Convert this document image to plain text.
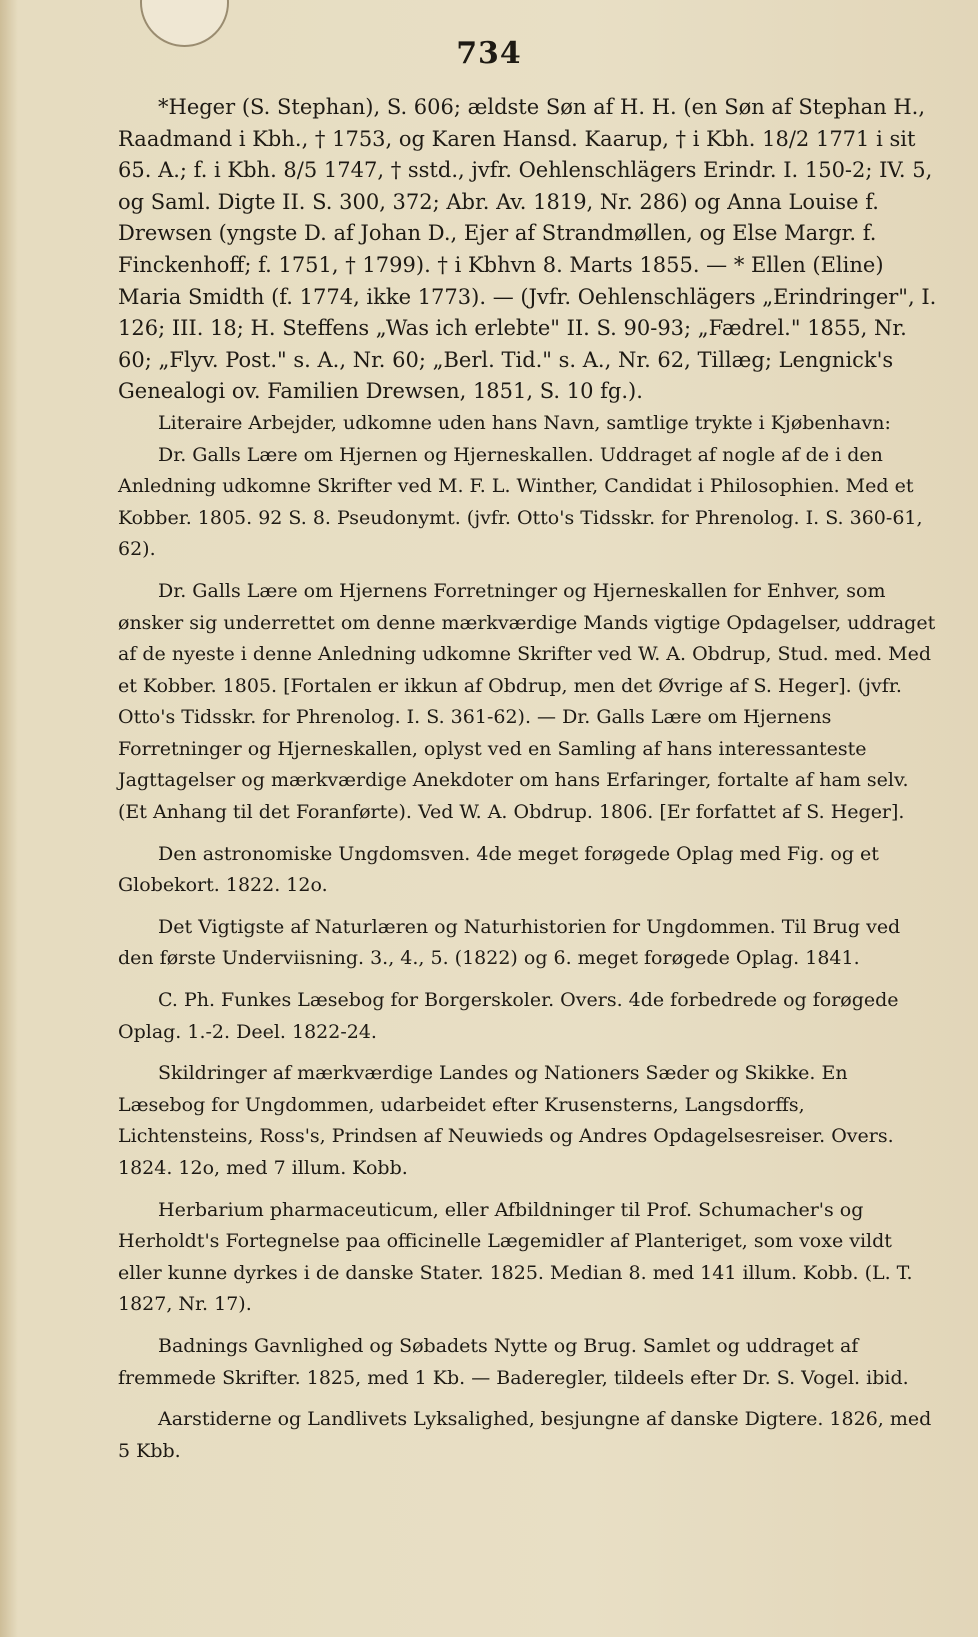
734

*Heger (S. Stephan), S. 606; ældste Søn af H. H. (en Søn af Stephan H., Raadmand i Kbh., † 1753, og Karen Hansd. Kaarup, † i Kbh. 18/2 1771 i sit 65. A.; f. i Kbh. 8/5 1747, † sstd., jvfr. Oehlenschlägers Erindr. I. 150-2; IV. 5, og Saml. Digte II. S. 300, 372; Abr. Av. 1819, Nr. 286) og Anna Louise f. Drewsen (yngste D. af Johan D., Ejer af Strandmøllen, og Else Margr. f. Finckenhoff; f. 1751, † 1799). † i Kbhvn 8. Marts 1855. — * Ellen (Eline) Maria Smidth (f. 1774, ikke 1773). — (Jvfr. Oehlenschlägers „Erindringer", I. 126; III. 18; H. Steffens „Was ich erlebte" II. S. 90-93; „Fædrel." 1855, Nr. 60; „Flyv. Post." s. A., Nr. 60; „Berl. Tid." s. A., Nr. 62, Tillæg; Lengnick's Genealogi ov. Familien Drewsen, 1851, S. 10 fg.).

Literaire Arbejder, udkomne uden hans Navn, samtlige trykte i Kjøbenhavn:

Dr. Galls Lære om Hjernen og Hjerneskallen. Uddraget af nogle af de i den Anledning udkomne Skrifter ved M. F. L. Winther, Candidat i Philosophien. Med et Kobber. 1805. 92 S. 8. Pseudonymt. (jvfr. Otto's Tidsskr. for Phrenolog. I. S. 360-61, 62).

Dr. Galls Lære om Hjernens Forretninger og Hjerneskallen for Enhver, som ønsker sig underrettet om denne mærkværdige Mands vigtige Opdagelser, uddraget af de nyeste i denne Anledning udkomne Skrifter ved W. A. Obdrup, Stud. med. Med et Kobber. 1805. [Fortalen er ikkun af Obdrup, men det Øvrige af S. Heger]. (jvfr. Otto's Tidsskr. for Phrenolog. I. S. 361-62). — Dr. Galls Lære om Hjernens Forretninger og Hjerneskallen, oplyst ved en Samling af hans interessanteste Jagttagelser og mærkværdige Anekdoter om hans Erfaringer, fortalte af ham selv. (Et Anhang til det Foranførte). Ved W. A. Obdrup. 1806. [Er forfattet af S. Heger].

Den astronomiske Ungdomsven. 4de meget forøgede Oplag med Fig. og et Globekort. 1822. 12o.

Det Vigtigste af Naturlæren og Naturhistorien for Ungdommen. Til Brug ved den første Underviisning. 3., 4., 5. (1822) og 6. meget forøgede Oplag. 1841.

C. Ph. Funkes Læsebog for Borgerskoler. Overs. 4de forbedrede og forøgede Oplag. 1.-2. Deel. 1822-24.

Skildringer af mærkværdige Landes og Nationers Sæder og Skikke. En Læsebog for Ungdommen, udarbeidet efter Krusensterns, Langsdorffs, Lichtensteins, Ross's, Prindsen af Neuwieds og Andres Opdagelsesreiser. Overs. 1824. 12o, med 7 illum. Kobb.

Herbarium pharmaceuticum, eller Afbildninger til Prof. Schumacher's og Herholdt's Fortegnelse paa officinelle Lægemidler af Planteriget, som voxe vildt eller kunne dyrkes i de danske Stater. 1825. Median 8. med 141 illum. Kobb. (L. T. 1827, Nr. 17).

Badnings Gavnlighed og Søbadets Nytte og Brug. Samlet og uddraget af fremmede Skrifter. 1825, med 1 Kb. — Baderegler, tildeels efter Dr. S. Vogel. ibid.

Aarstiderne og Landlivets Lyksalighed, besjungne af danske Digtere. 1826, med 5 Kbb.
